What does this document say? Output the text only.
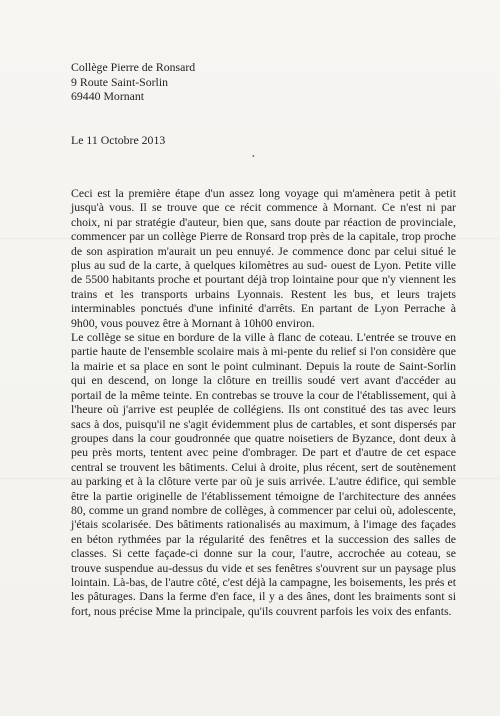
Collège Pierre de Ronsard
9 Route Saint-Sorlin
69440 Mornant
Le 11 Octobre 2013
•

Ceci est la première étape d'un assez long voyage qui m'amènera petit à petit jusqu'à vous. Il se trouve que ce récit commence à Mornant. Ce n'est ni par choix, ni par stratégie d'auteur, bien que, sans doute par réaction de provinciale, commencer par un collège Pierre de Ronsard trop près de la capitale, trop proche de son aspiration m'aurait un peu ennuyé. Je commence donc par celui situé le plus au sud de la carte, à quelques kilomètres au sud- ouest de Lyon. Petite ville de 5500 habitants proche et pourtant déjà trop lointaine pour que n'y viennent les trains et les transports urbains Lyonnais. Restent les bus, et leurs trajets interminables ponctués d'une infinité d'arrêts. En partant de Lyon Perrache à 9h00, vous pouvez être à Mornant à 10h00 environ.

Le collège se situe en bordure de la ville à flanc de coteau. L'entrée se trouve en partie haute de l'ensemble scolaire mais à mi-pente du relief si l'on considère que la mairie et sa place en sont le point culminant. Depuis la route de Saint-Sorlin qui en descend, on longe la clôture en treillis soudé vert avant d'accéder au portail de la même teinte. En contrebas se trouve la cour de l'établissement, qui à l'heure où j'arrive est peuplée de collégiens. Ils ont constitué des tas avec leurs sacs à dos, puisqu'il ne s'agit évidemment plus de cartables, et sont dispersés par groupes dans la cour goudronnée que quatre noisetiers de Byzance, dont deux à peu près morts, tentent avec peine d'ombrager. De part et d'autre de cet espace central se trouvent les bâtiments. Celui à droite, plus récent, sert de soutènement au parking et à la clôture verte par où je suis arrivée. L'autre édifice, qui semble être la partie originelle de l'établissement témoigne de l'architecture des années 80, comme un grand nombre de collèges, à commencer par celui où, adolescente, j'étais scolarisée. Des bâtiments rationalisés au maximum, à l'image des façades en béton rythmées par la régularité des fenêtres et la succession des salles de classes. Si cette façade-ci donne sur la cour, l'autre, accrochée au coteau, se trouve suspendue au-dessus du vide et ses fenêtres s'ouvrent sur un paysage plus lointain. Là-bas, de l'autre côté, c'est déjà la campagne, les boisements, les prés et les pâturages. Dans la ferme d'en face, il y a des ânes, dont les braiments sont si fort, nous précise Mme la principale, qu'ils couvrent parfois les voix des enfants.
